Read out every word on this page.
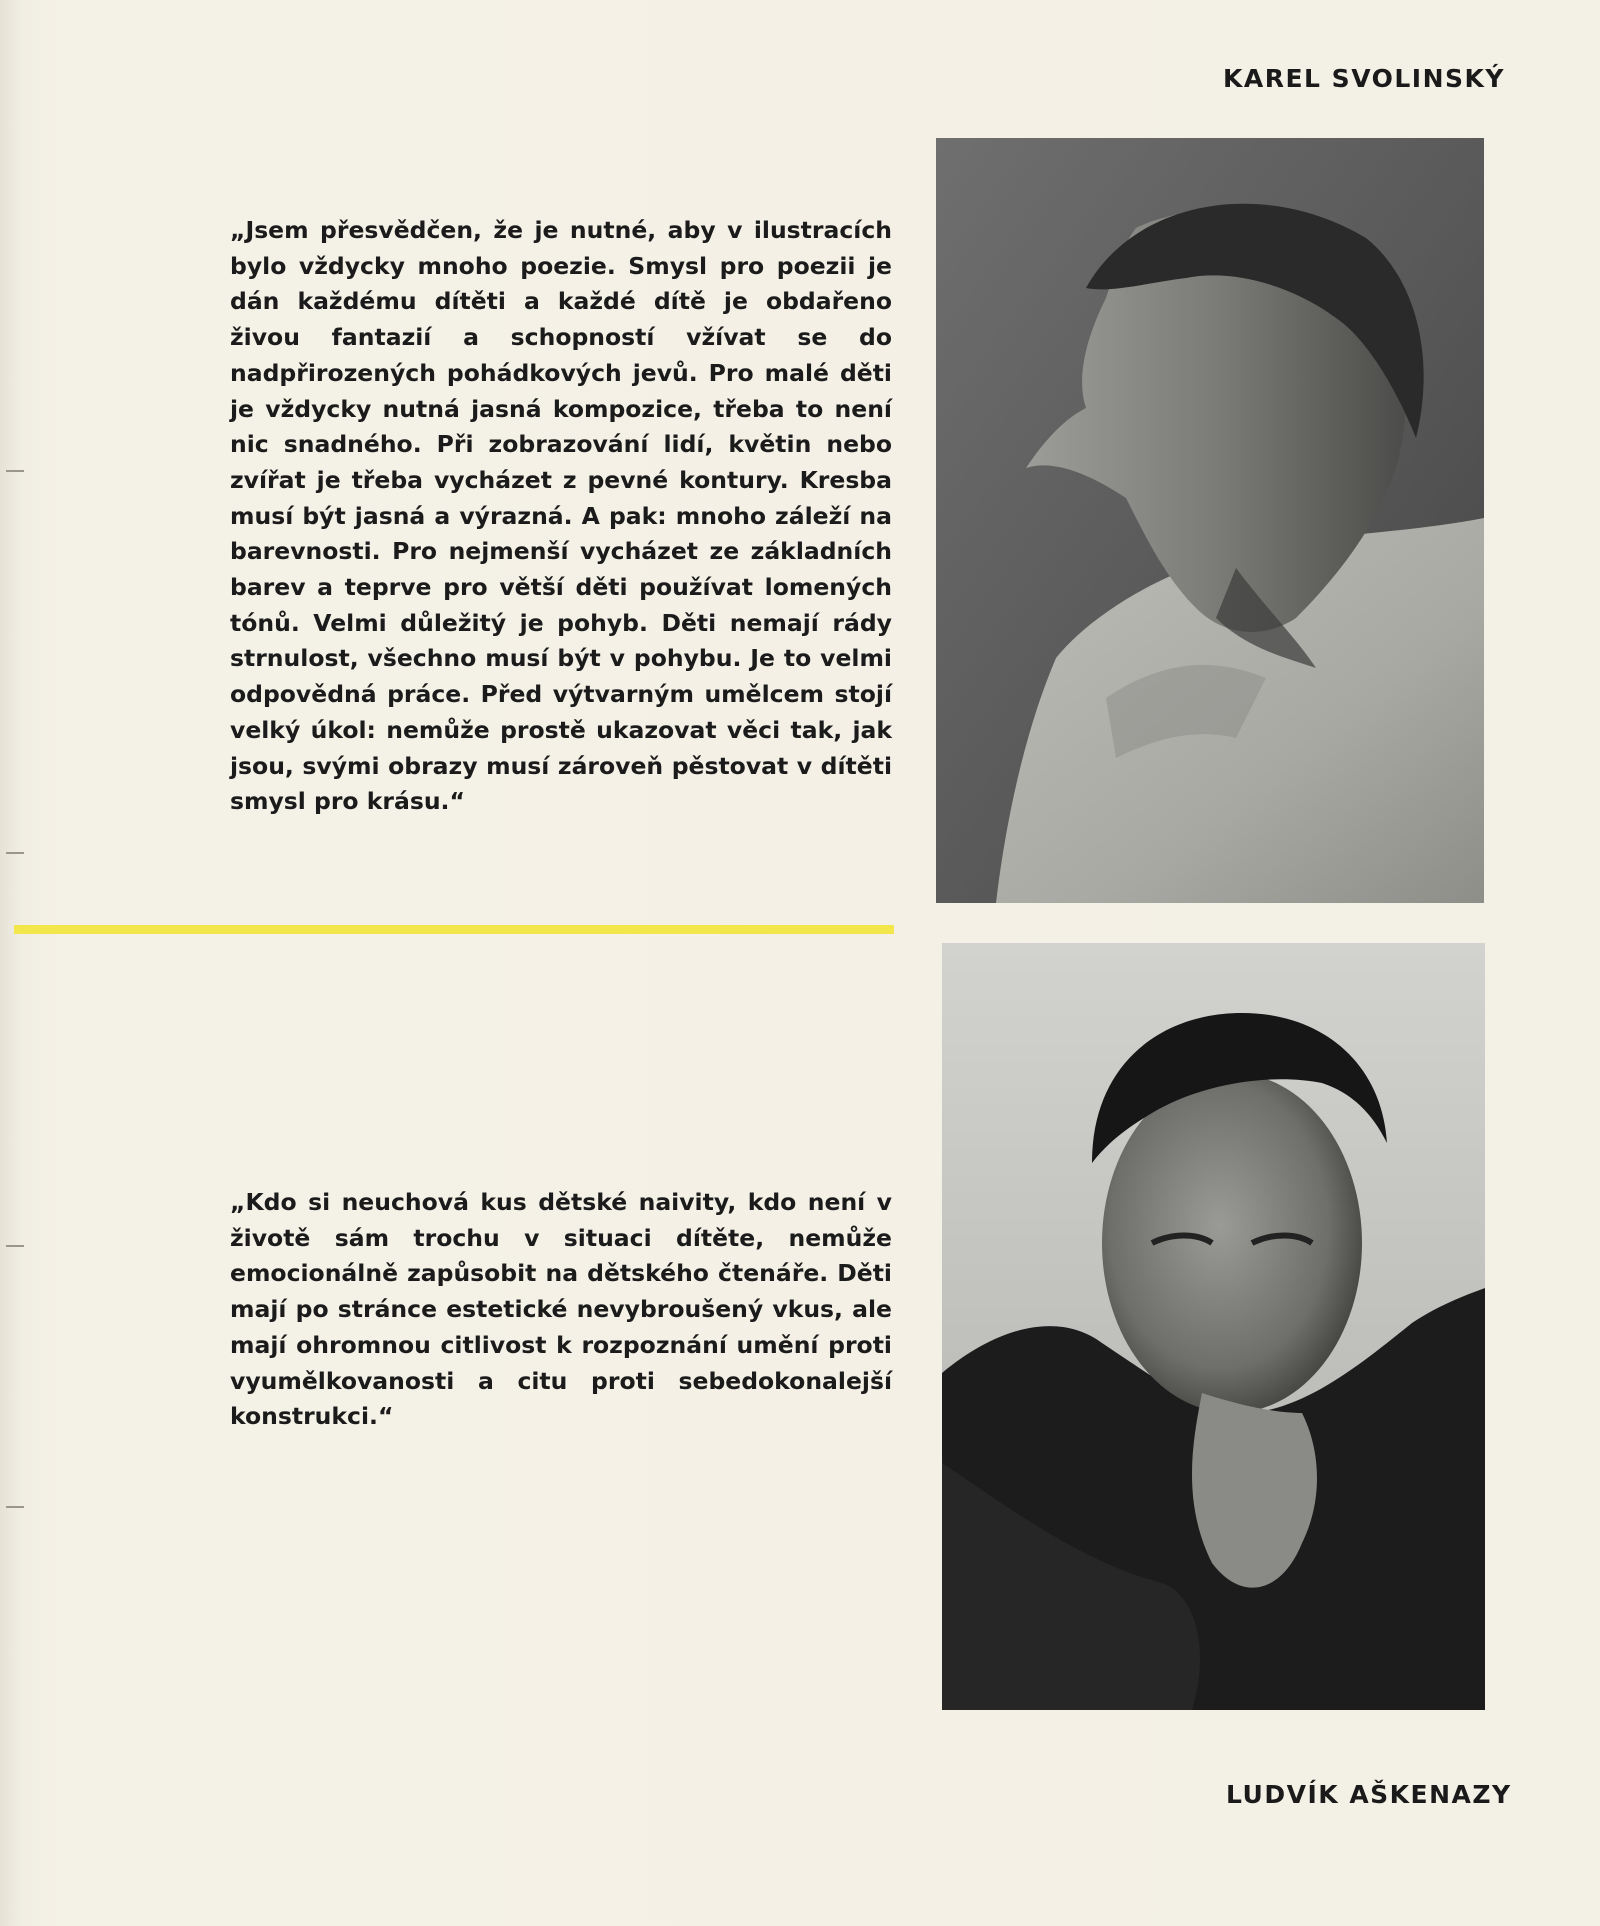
KAREL SVOLINSKÝ

„Jsem přesvědčen, že je nutné, aby v ilustracích bylo vždycky mnoho poezie. Smysl pro poezii je dán každému dítěti a každé dítě je obdařeno živou fantazií a schopností vžívat se do nadpřirozených pohádkových jevů. Pro malé děti je vždycky nutná jasná kompozice, třeba to není nic snadného. Při zobrazování lidí, květin nebo zvířat je třeba vycházet z pevné kontury. Kresba musí být jasná a výrazná. A pak: mnoho záleží na barevnosti. Pro nejmenší vycházet ze základních barev a teprve pro větší děti používat lomených tónů. Velmi důležitý je pohyb. Děti nemají rády strnulost, všechno musí být v pohybu. Je to velmi odpovědná práce. Před výtvarným umělcem stojí velký úkol: nemůže prostě ukazovat věci tak, jak jsou, svými obrazy musí zároveň pěstovat v dítěti smysl pro krásu.“

„Kdo si neuchová kus dětské naivity, kdo není v životě sám trochu v situaci dítěte, nemůže emocionálně zapůsobit na dětského čtenáře. Děti mají po stránce estetické nevybroušený vkus, ale mají ohromnou citlivost k rozpoznání umění proti vyumělkovanosti a citu proti sebedokonalejší konstrukci.“

LUDVÍK AŠKENAZY
